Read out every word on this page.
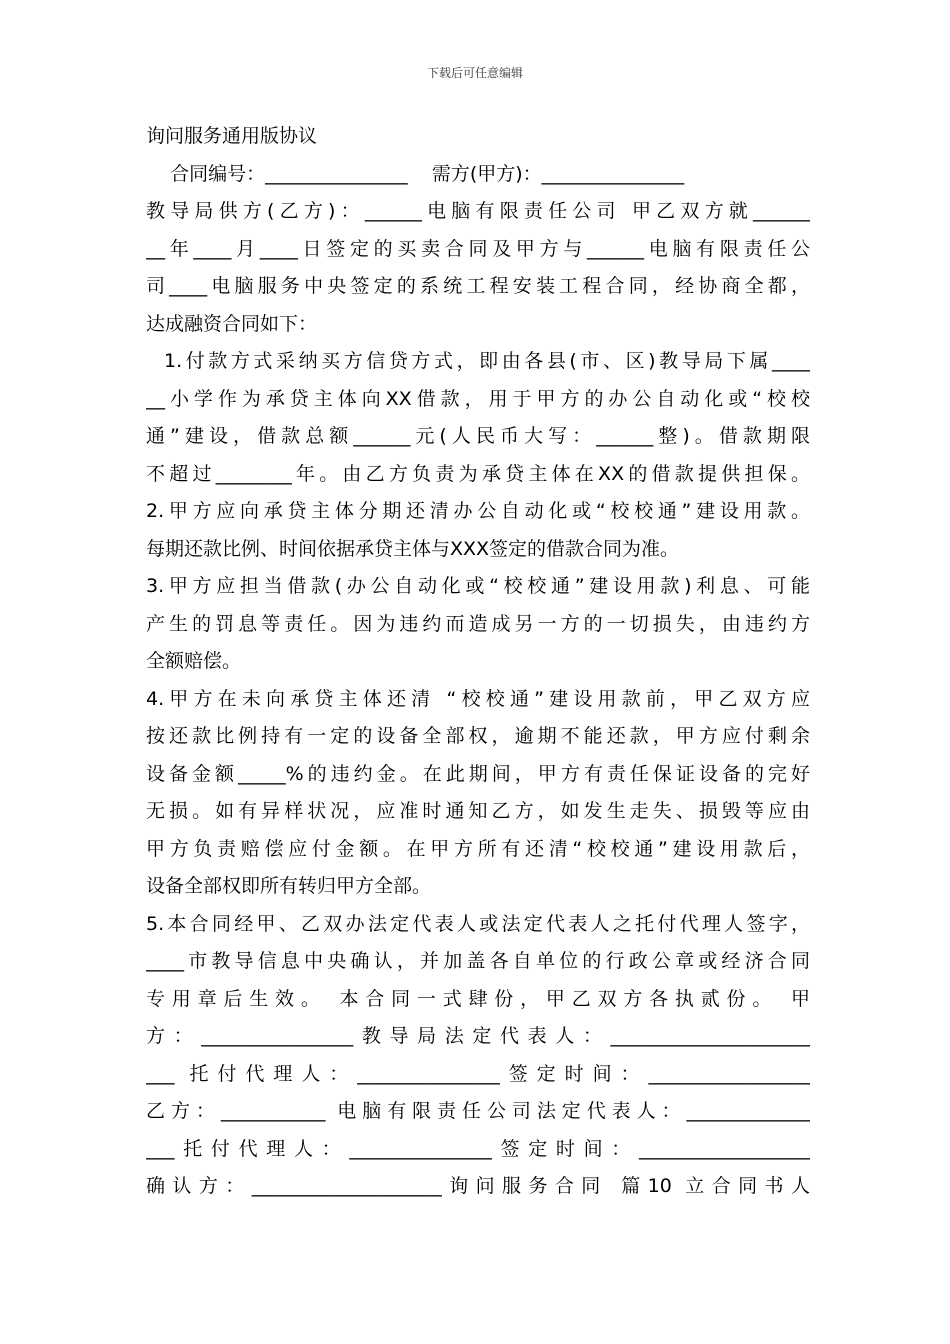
下载后可任意编辑
询问服务通用版协议
合同编号：_______________    需方(甲方)：_______________
教导局供方(乙方)：______电脑有限责任公司 甲乙双方就______
__年____月____日签定的买卖合同及甲方与______电脑有限责任公
司____电脑服务中央签定的系统工程安装工程合同，经协商全都，
达成融资合同如下：
1.付款方式采纳买方信贷方式，即由各县(市、区)教导局下属____
__小学作为承贷主体向XX借款，用于甲方的办公自动化或“校校
通”建设，借款总额______元(人民币大写：______整)。借款期限
不超过________年。由乙方负责为承贷主体在XX的借款提供担保。
2.甲方应向承贷主体分期还清办公自动化或“校校通”建设用款。
每期还款比例、时间依据承贷主体与XXX签定的借款合同为准。
3.甲方应担当借款(办公自动化或“校校通”建设用款)利息、可能
产生的罚息等责任。因为违约而造成另一方的一切损失，由违约方
全额赔偿。
4.甲方在未向承贷主体还清 “校校通”建设用款前，甲乙双方应
按还款比例持有一定的设备全部权，逾期不能还款，甲方应付剩余
设备金额_____%的违约金。在此期间，甲方有责任保证设备的完好
无损。如有异样状况，应准时通知乙方，如发生走失、损毁等应由
甲方负责赔偿应付金额。在甲方所有还清“校校通”建设用款后，
设备全部权即所有转归甲方全部。
5.本合同经甲、乙双办法定代表人或法定代表人之托付代理人签字，
____市教导信息中央确认，并加盖各自单位的行政公章或经济合同
专用章后生效。 本合同一式肆份，甲乙双方各执贰份。 甲
方：________________教导局法定代表人：_____________________
___ 托付代理人：_______________签定时间：_________________
乙方：___________ 电脑有限责任公司法定代表人：_____________
___托付代理人：_______________签定时间：__________________
确认方：____________________询问服务合同 篇10 立合同书人
